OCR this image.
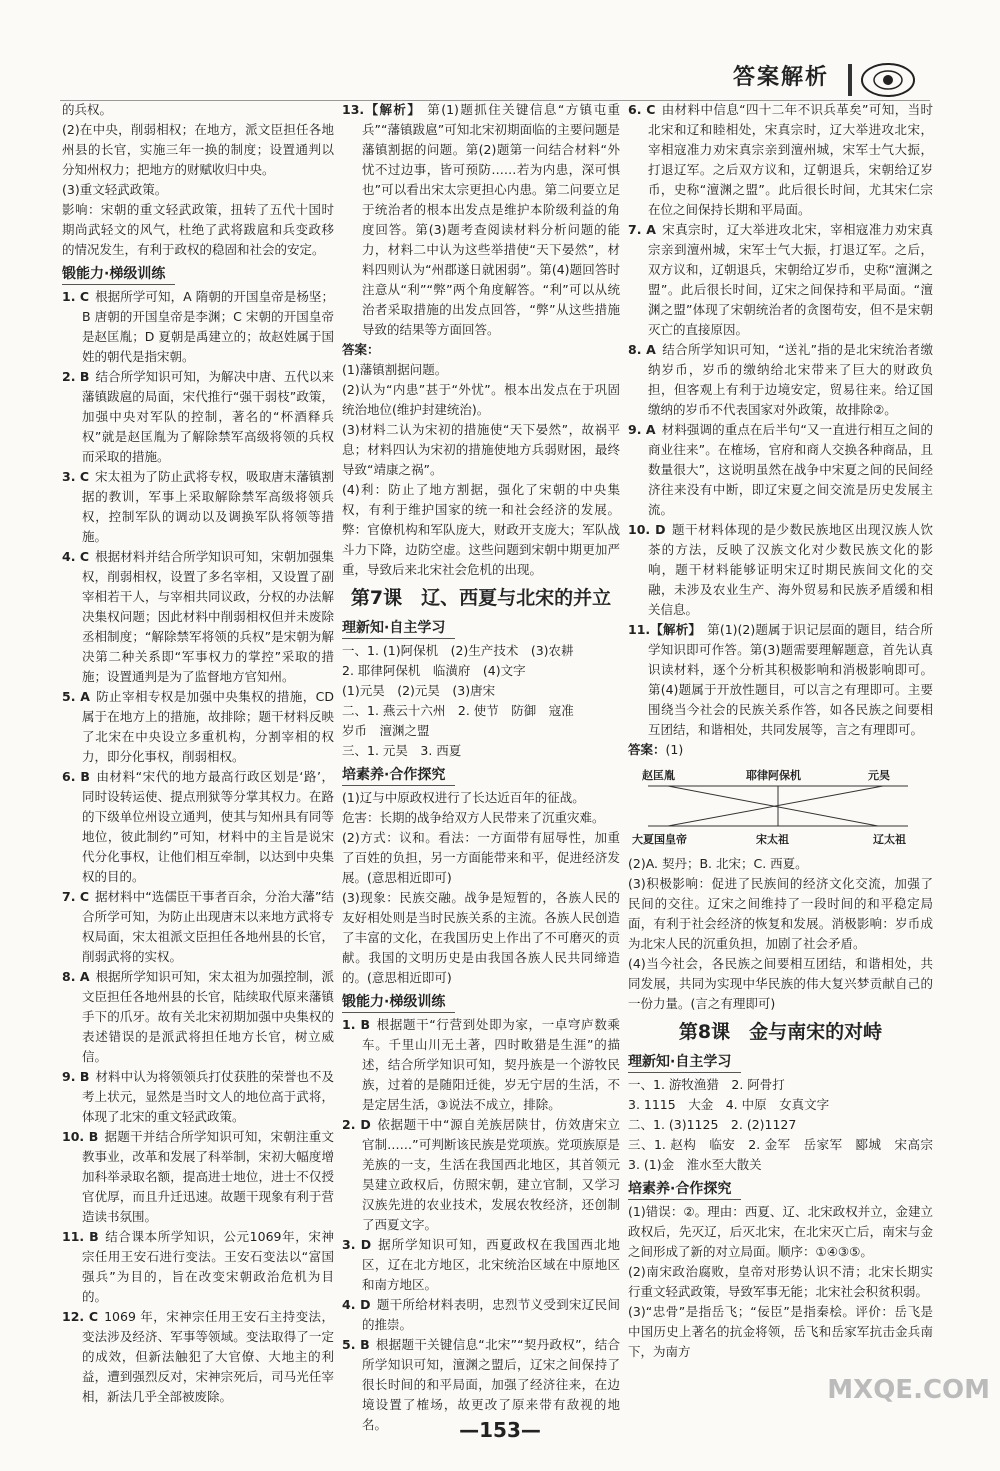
答案解析

的兵权。

(2)在中央，削弱相权；在地方，派文臣担任各地州县的长官，实施三年一换的制度；设置通判以分知州权力；把地方的财赋收归中央。

(3)重文轻武政策。

影响：宋朝的重文轻武政策，扭转了五代十国时期尚武轻文的风气，杜绝了武将跋扈和兵变政移的情况发生，有利于政权的稳固和社会的安定。

锻能力·梯级训练

1. C 根据所学可知，A 隋朝的开国皇帝是杨坚；B 唐朝的开国皇帝是李渊；C 宋朝的开国皇帝是赵匡胤；D 夏朝是禹建立的；故赵姓属于国姓的朝代是指宋朝。

2. B 结合所学知识可知，为解决中唐、五代以来藩镇跋扈的局面，宋代推行“强干弱枝”政策，加强中央对军队的控制，著名的“杯酒释兵权”就是赵匡胤为了解除禁军高级将领的兵权而采取的措施。

3. C 宋太祖为了防止武将专权，吸取唐末藩镇割据的教训，军事上采取解除禁军高级将领兵权，控制军队的调动以及调换军队将领等措施。

4. C 根据材料并结合所学知识可知，宋朝加强集权，削弱相权，设置了多名宰相，又设置了副宰相若干人，与宰相共同议政，分权的办法解决集权问题；因此材料中削弱相权但并未废除丞相制度；“解除禁军将领的兵权”是宋朝为解决第二种关系即“军事权力的掌控”采取的措施；设置通判是为了监督地方官知州。

5. A 防止宰相专权是加强中央集权的措施，CD 属于在地方上的措施，故排除；题干材料反映了北宋在中央设立多重机构，分割宰相的权力，即分化事权，削弱相权。

6. B 由材料“宋代的地方最高行政区划是‘路’，同时设转运使、提点刑狱等分掌其权力。在路的下级单位州设立通判，使其与知州具有同等地位，彼此制约”可知，材料中的主旨是说宋代分化事权，让他们相互牵制，以达到中央集权的目的。

7. C 据材料中“选儒臣干事者百余，分治大藩”结合所学可知，为防止出现唐末以来地方武将专权局面，宋太祖派文臣担任各地州县的长官，削弱武将的实权。

8. A 根据所学知识可知，宋太祖为加强控制，派文臣担任各地州县的长官，陆续取代原来藩镇手下的爪牙。故有关北宋初期加强中央集权的表述错误的是派武将担任地方长官，树立威信。

9. B 材料中认为将领领兵打仗获胜的荣誉也不及考上状元，显然是当时文人的地位高于武将，体现了北宋的重文轻武政策。

10. B 据题干并结合所学知识可知，宋朝注重文教事业，改革和发展了科举制，宋初大幅度增加科举录取名额，提高进士地位，进士不仅授官优厚，而且升迁迅速。故题干现象有利于营造读书氛围。

11. B 结合课本所学知识，公元1069年，宋神宗任用王安石进行变法。王安石变法以“富国强兵”为目的，旨在改变宋朝政治危机为目的。

12. C 1069 年，宋神宗任用王安石主持变法，变法涉及经济、军事等领域。变法取得了一定的成效，但新法触犯了大官僚、大地主的利益，遭到强烈反对，宋神宗死后，司马光任宰相，新法几乎全部被废除。

13.【解析】 第(1)题抓住关键信息“方镇屯重兵”“藩镇跋扈”可知北宋初期面临的主要问题是藩镇割据的问题。第(2)题第一问结合材料“外忧不过边事，皆可预防……若为内患，深可惧也”可以看出宋太宗更担心内患。第二问要立足于统治者的根本出发点是维护本阶级利益的角度回答。第(3)题考查阅读材料分析问题的能力，材料二中认为这些举措使“天下晏然”，材料四则认为“州郡遂日就困弱”。第(4)题回答时注意从“利”“弊”两个角度解答。“利”可以从统治者采取措施的出发点回答，“弊”从这些措施导致的结果等方面回答。

答案：

(1)藩镇割据问题。

(2)认为“内患”甚于“外忧”。根本出发点在于巩固统治地位(维护封建统治)。

(3)材料二认为宋初的措施使“天下晏然”，故祸平息；材料四认为宋初的措施使地方兵弱财困，最终导致“靖康之祸”。

(4)利：防止了地方割据，强化了宋朝的中央集权，有利于维护国家的统一和社会经济的发展。弊：官僚机构和军队庞大，财政开支庞大；军队战斗力下降，边防空虚。这些问题到宋朝中期更加严重，导致后来北宋社会危机的出现。

第7课　辽、西夏与北宋的并立
理新知·自主学习

一、1. (1)阿保机　(2)生产技术　(3)农耕

2. 耶律阿保机　临潢府　(4)文字

(1)元昊　(2)元昊　(3)唐宋

二、1. 燕云十六州　2. 使节　防御　寇准

岁币　澶渊之盟

三、1. 元昊　3. 西夏

培素养·合作探究

(1)辽与中原政权进行了长达近百年的征战。

危害：长期的战争给双方人民带来了沉重灾难。

(2)方式：议和。看法：一方面带有屈辱性，加重了百姓的负担，另一方面能带来和平，促进经济发展。(意思相近即可)

(3)现象：民族交融。战争是短暂的，各族人民的友好相处则是当时民族关系的主流。各族人民创造了丰富的文化，在我国历史上作出了不可磨灭的贡献。我国的文明历史是由我国各族人民共同缔造的。(意思相近即可)

锻能力·梯级训练

1. B 根据题干“行营到处即为家，一卓穹庐数乘车。千里山川无土著，四时畋猎是生涯”的描述，结合所学知识可知，契丹族是一个游牧民族，过着的是随阳迁徙，岁无宁居的生活，不是定居生活，③说法不成立，排除。

2. D 依据题干中“源自羌族居陕甘，仿效唐宋立官制……”可判断该民族是党项族。党项族原是羌族的一支，生活在我国西北地区，其首领元昊建立政权后，仿照宋朝，建立官制，又学习汉族先进的农业技术，发展农牧经济，还创制了西夏文字。

3. D 据所学知识可知，西夏政权在我国西北地区，辽在北方地区，北宋统治区域在中原地区和南方地区。

4. D 题干所给材料表明，忠烈节义受到宋辽民间的推崇。

5. B 根据题干关键信息“北宋”“契丹政权”，结合所学知识可知，澶渊之盟后，辽宋之间保持了很长时间的和平局面，加强了经济往来，在边境设置了榷场，故更改了原来带有敌视的地名。

6. C 由材料中信息“四十二年不识兵革矣”可知，当时北宋和辽和睦相处，宋真宗时，辽大举进攻北宋，宰相寇准力劝宋真宗亲到澶州城，宋军士气大振，打退辽军。之后双方议和，辽朝退兵，宋朝给辽岁币，史称“澶渊之盟”。此后很长时间，尤其宋仁宗在位之间保持长期和平局面。

7. A 宋真宗时，辽大举进攻北宋，宰相寇准力劝宋真宗亲到澶州城，宋军士气大振，打退辽军。之后，双方议和，辽朝退兵，宋朝给辽岁币，史称“澶渊之盟”。此后很长时间，辽宋之间保持和平局面。“澶渊之盟”体现了宋朝统治者的贪图苟安，但不是宋朝灭亡的直接原因。

8. A 结合所学知识可知，“送礼”指的是北宋统治者缴纳岁币，岁币的缴纳给北宋带来了巨大的财政负担，但客观上有利于边境安定，贸易往来。给辽国缴纳的岁币不代表国家对外政策，故排除②。

9. A 材料强调的重点在后半句“又一直进行相互之间的商业往来”。在榷场，官府和商人交换各种商品，且数量很大”，这说明虽然在战争中宋夏之间的民间经济往来没有中断，即辽宋夏之间交流是历史发展主流。

10. D 题干材料体现的是少数民族地区出现汉族人饮茶的方法，反映了汉族文化对少数民族文化的影响，题干材料能够证明宋辽时期民族间文化的交融，未涉及农业生产、海外贸易和民族矛盾缓和相关信息。

11.【解析】 第(1)(2)题属于识记层面的题目，结合所学知识即可作答。第(3)题需要理解题意，首先认真识读材料，逐个分析其积极影响和消极影响即可。第(4)题属于开放性题目，可以言之有理即可。主要围绕当今社会的民族关系作答，如各民族之间要相互团结，和谐相处，共同发展等，言之有理即可。

答案：(1)
赵匡胤	耶律阿保机	元昊
大夏国皇帝	宋太祖	辽太祖

(2)A. 契丹；B. 北宋；C. 西夏。

(3)积极影响：促进了民族间的经济文化交流，加强了民间的交往。辽宋之间维持了一段时间的和平稳定局面，有利于社会经济的恢复和发展。消极影响：岁币成为北宋人民的沉重负担，加剧了社会矛盾。

(4)当今社会，各民族之间要相互团结，和谐相处，共同发展，共同为实现中华民族的伟大复兴梦贡献自己的一份力量。(言之有理即可)

第8课　金与南宋的对峙
理新知·自主学习

一、1. 游牧渔猎　2. 阿骨打

3. 1115　大金　4. 中原　女真文字

二、1. (3)1125　2. (2)1127

三、1. 赵构　临安　2. 金军　岳家军　郾城　宋高宗　3. (1)金　淮水至大散关

培素养·合作探究

(1)错误：②。理由：西夏、辽、北宋政权并立，金建立政权后，先灭辽，后灭北宋，在北宋灭亡后，南宋与金之间形成了新的对立局面。顺序：①④③⑤。

(2)南宋政治腐败，皇帝对形势认识不清；北宋长期实行重文轻武政策，导致军事无能；北宋社会积贫积弱。

(3)“忠骨”是指岳飞；“佞臣”是指秦桧。评价：岳飞是中国历史上著名的抗金将领，岳飞和岳家军抗击金兵南下，为南方

MXQE.COM
—153—
